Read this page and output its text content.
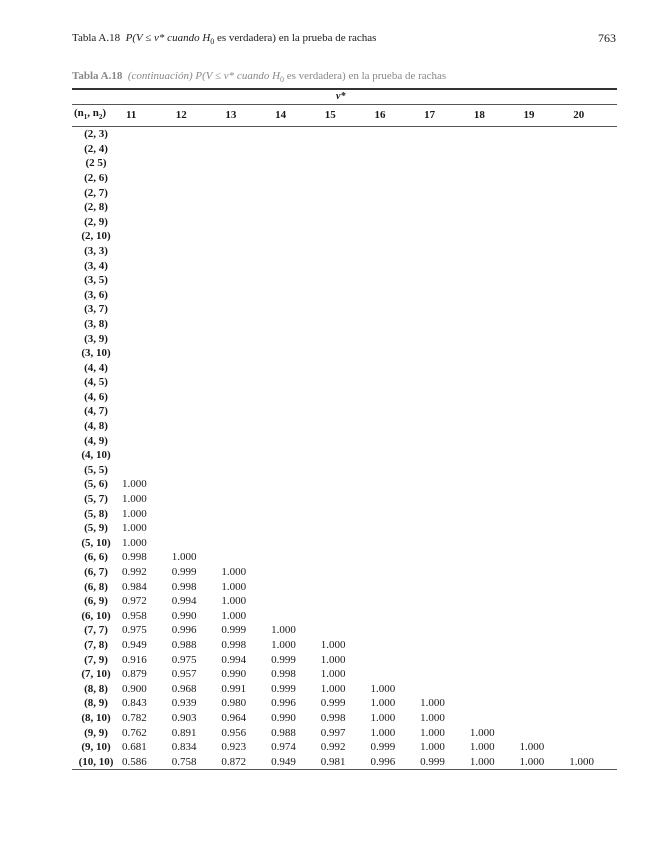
Tabla A.18 P(V ≤ v* cuando $H_0$ es verdadera) en la prueba de rachas	763
Tabla A.18 (continuación) P(V ≤ v* cuando $H_0$ es verdadera) en la prueba de rachas
v*
($n_1$, $n_2$)	11	12	13	14	15	16	17	18	19	20
(2, 3)										
(2, 4)										
(2 5)										
(2, 6)										
(2, 7)										
(2, 8)										
(2, 9)										
(2, 10)										
(3, 3)										
(3, 4)										
(3, 5)										
(3, 6)										
(3, 7)										
(3, 8)										
(3, 9)										
(3, 10)										
(4, 4)										
(4, 5)										
(4, 6)										
(4, 7)										
(4, 8)										
(4, 9)										
(4, 10)										
(5, 5)										
(5, 6)	1.000									
(5, 7)	1.000									
(5, 8)	1.000									
(5, 9)	1.000									
(5, 10)	1.000									
(6, 6)	0.998	1.000								
(6, 7)	0.992	0.999	1.000							
(6, 8)	0.984	0.998	1.000							
(6, 9)	0.972	0.994	1.000							
(6, 10)	0.958	0.990	1.000							
(7, 7)	0.975	0.996	0.999	1.000						
(7, 8)	0.949	0.988	0.998	1.000	1.000					
(7, 9)	0.916	0.975	0.994	0.999	1.000					
(7, 10)	0.879	0.957	0.990	0.998	1.000					
(8, 8)	0.900	0.968	0.991	0.999	1.000	1.000				
(8, 9)	0.843	0.939	0.980	0.996	0.999	1.000	1.000			
(8, 10)	0.782	0.903	0.964	0.990	0.998	1.000	1.000			
(9, 9)	0.762	0.891	0.956	0.988	0.997	1.000	1.000	1.000		
(9, 10)	0.681	0.834	0.923	0.974	0.992	0.999	1.000	1.000	1.000	
(10, 10)	0.586	0.758	0.872	0.949	0.981	0.996	0.999	1.000	1.000	1.000
